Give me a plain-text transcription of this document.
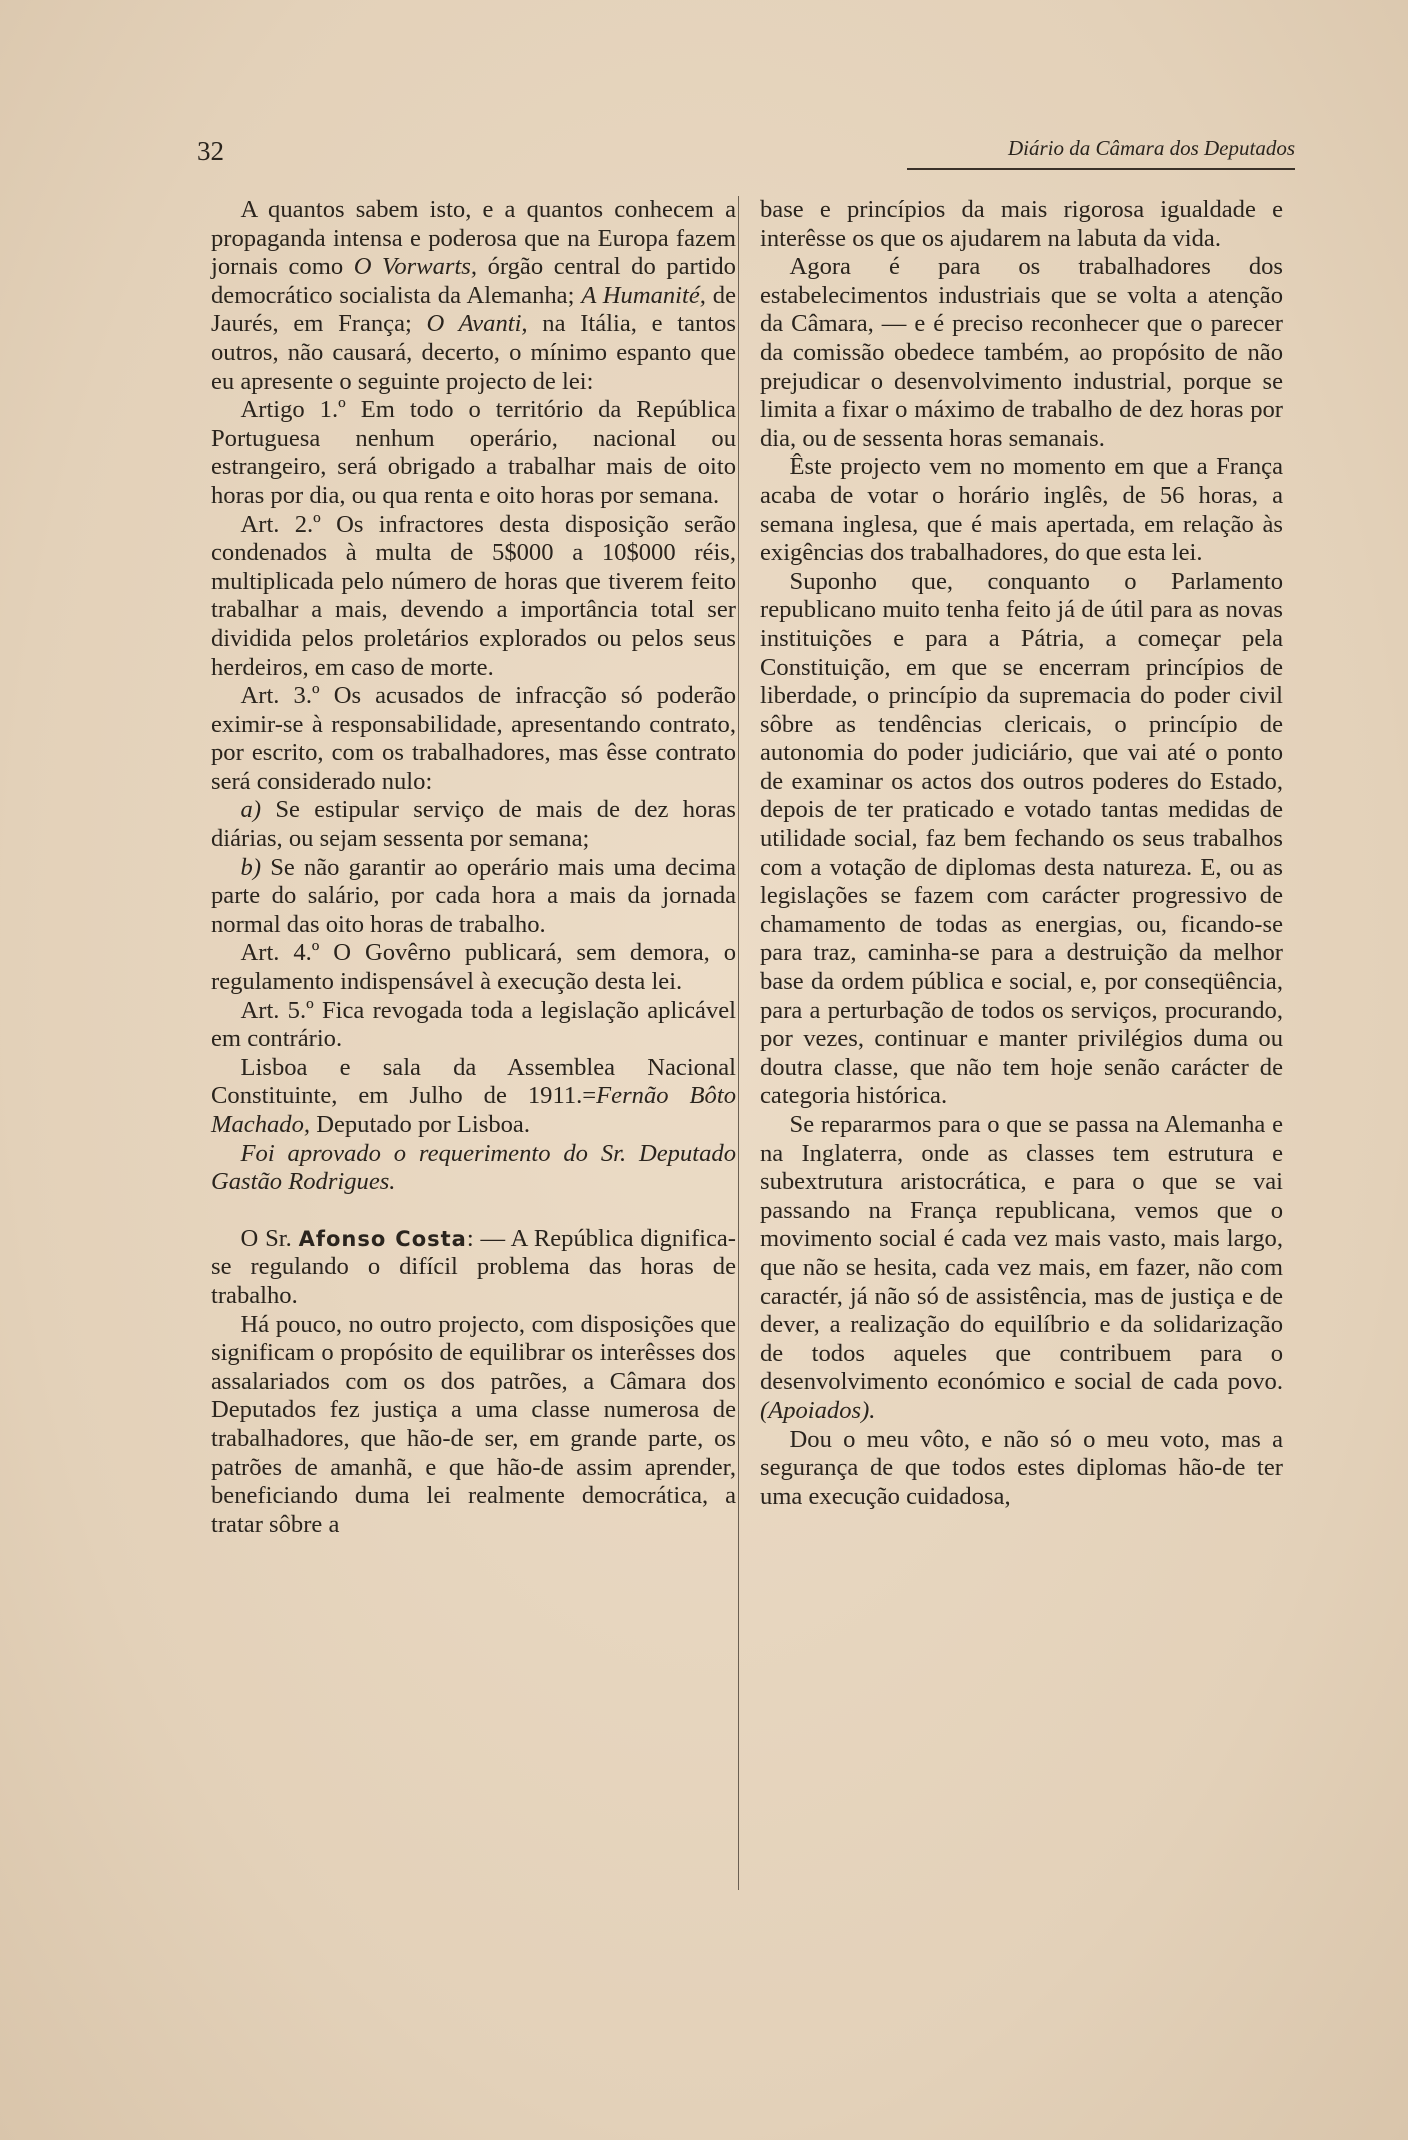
32	Diário da Câmara dos Deputados

A quantos sabem isto, e a quantos conhecem a propaganda intensa e poderosa que na Europa fazem jornais como O Vorwarts, órgão central do partido democrático socialista da Alemanha; A Humanité, de Jaurés, em França; O Avanti, na Itália, e tantos outros, não causará, decerto, o mínimo espanto que eu apresente o seguinte projecto de lei:

Artigo 1.º Em todo o território da República Portuguesa nenhum operário, nacional ou estrangeiro, será obrigado a trabalhar mais de oito horas por dia, ou qua renta e oito horas por semana.

Art. 2.º Os infractores desta disposição serão condenados à multa de 5$000 a 10$000 réis, multiplicada pelo número de horas que tiverem feito trabalhar a mais, devendo a importância total ser dividida pelos proletários explorados ou pelos seus herdeiros, em caso de morte.

Art. 3.º Os acusados de infracção só poderão eximir-se à responsabilidade, apresentando contrato, por escrito, com os trabalhadores, mas êsse contrato será considerado nulo:

a) Se estipular serviço de mais de dez horas diárias, ou sejam sessenta por semana;

b) Se não garantir ao operário mais uma decima parte do salário, por cada hora a mais da jornada normal das oito horas de trabalho.

Art. 4.º O Govêrno publicará, sem demora, o regulamento indispensável à execução desta lei.

Art. 5.º Fica revogada toda a legislação aplicável em contrário.

Lisboa e sala da Assemblea Nacional Constituinte, em Julho de 1911.=Fernão Bôto Machado, Deputado por Lisboa.

Foi aprovado o requerimento do Sr. Deputado Gastão Rodrigues.

O Sr. Afonso Costa: — A República dignifica-se regulando o difícil problema das horas de trabalho.

Há pouco, no outro projecto, com disposições que significam o propósito de equilibrar os interêsses dos assalariados com os dos patrões, a Câmara dos Deputados fez justiça a uma classe numerosa de trabalhadores, que hão-de ser, em grande parte, os patrões de amanhã, e que hão-de assim aprender, beneficiando duma lei realmente democrática, a tratar sôbre a

base e princípios da mais rigorosa igualdade e interêsse os que os ajudarem na labuta da vida.

Agora é para os trabalhadores dos estabelecimentos industriais que se volta a atenção da Câmara, — e é preciso reconhecer que o parecer da comissão obedece também, ao propósito de não prejudicar o desenvolvimento industrial, porque se limita a fixar o máximo de trabalho de dez horas por dia, ou de sessenta horas semanais.

Êste projecto vem no momento em que a França acaba de votar o horário inglês, de 56 horas, a semana inglesa, que é mais apertada, em relação às exigências dos trabalhadores, do que esta lei.

Suponho que, conquanto o Parlamento republicano muito tenha feito já de útil para as novas instituições e para a Pátria, a começar pela Constituição, em que se encerram princípios de liberdade, o princípio da supremacia do poder civil sôbre as tendências clericais, o princípio de autonomia do poder judiciário, que vai até o ponto de examinar os actos dos outros poderes do Estado, depois de ter praticado e votado tantas medidas de utilidade social, faz bem fechando os seus trabalhos com a votação de diplomas desta natureza. E, ou as legislações se fazem com carácter progressivo de chamamento de todas as energias, ou, ficando-se para traz, caminha-se para a destruição da melhor base da ordem pública e social, e, por conseqüência, para a perturbação de todos os serviços, procurando, por vezes, continuar e manter privilégios duma ou doutra classe, que não tem hoje senão carácter de categoria histórica.

Se repararmos para o que se passa na Alemanha e na Inglaterra, onde as classes tem estrutura e subextrutura aristocrática, e para o que se vai passando na França republicana, vemos que o movimento social é cada vez mais vasto, mais largo, que não se hesita, cada vez mais, em fazer, não com caractér, já não só de assistência, mas de justiça e de dever, a realização do equilíbrio e da solidarização de todos aqueles que contribuem para o desenvolvimento económico e social de cada povo. (Apoiados).

Dou o meu vôto, e não só o meu voto, mas a segurança de que todos estes diplomas hão-de ter uma execução cuidadosa,
